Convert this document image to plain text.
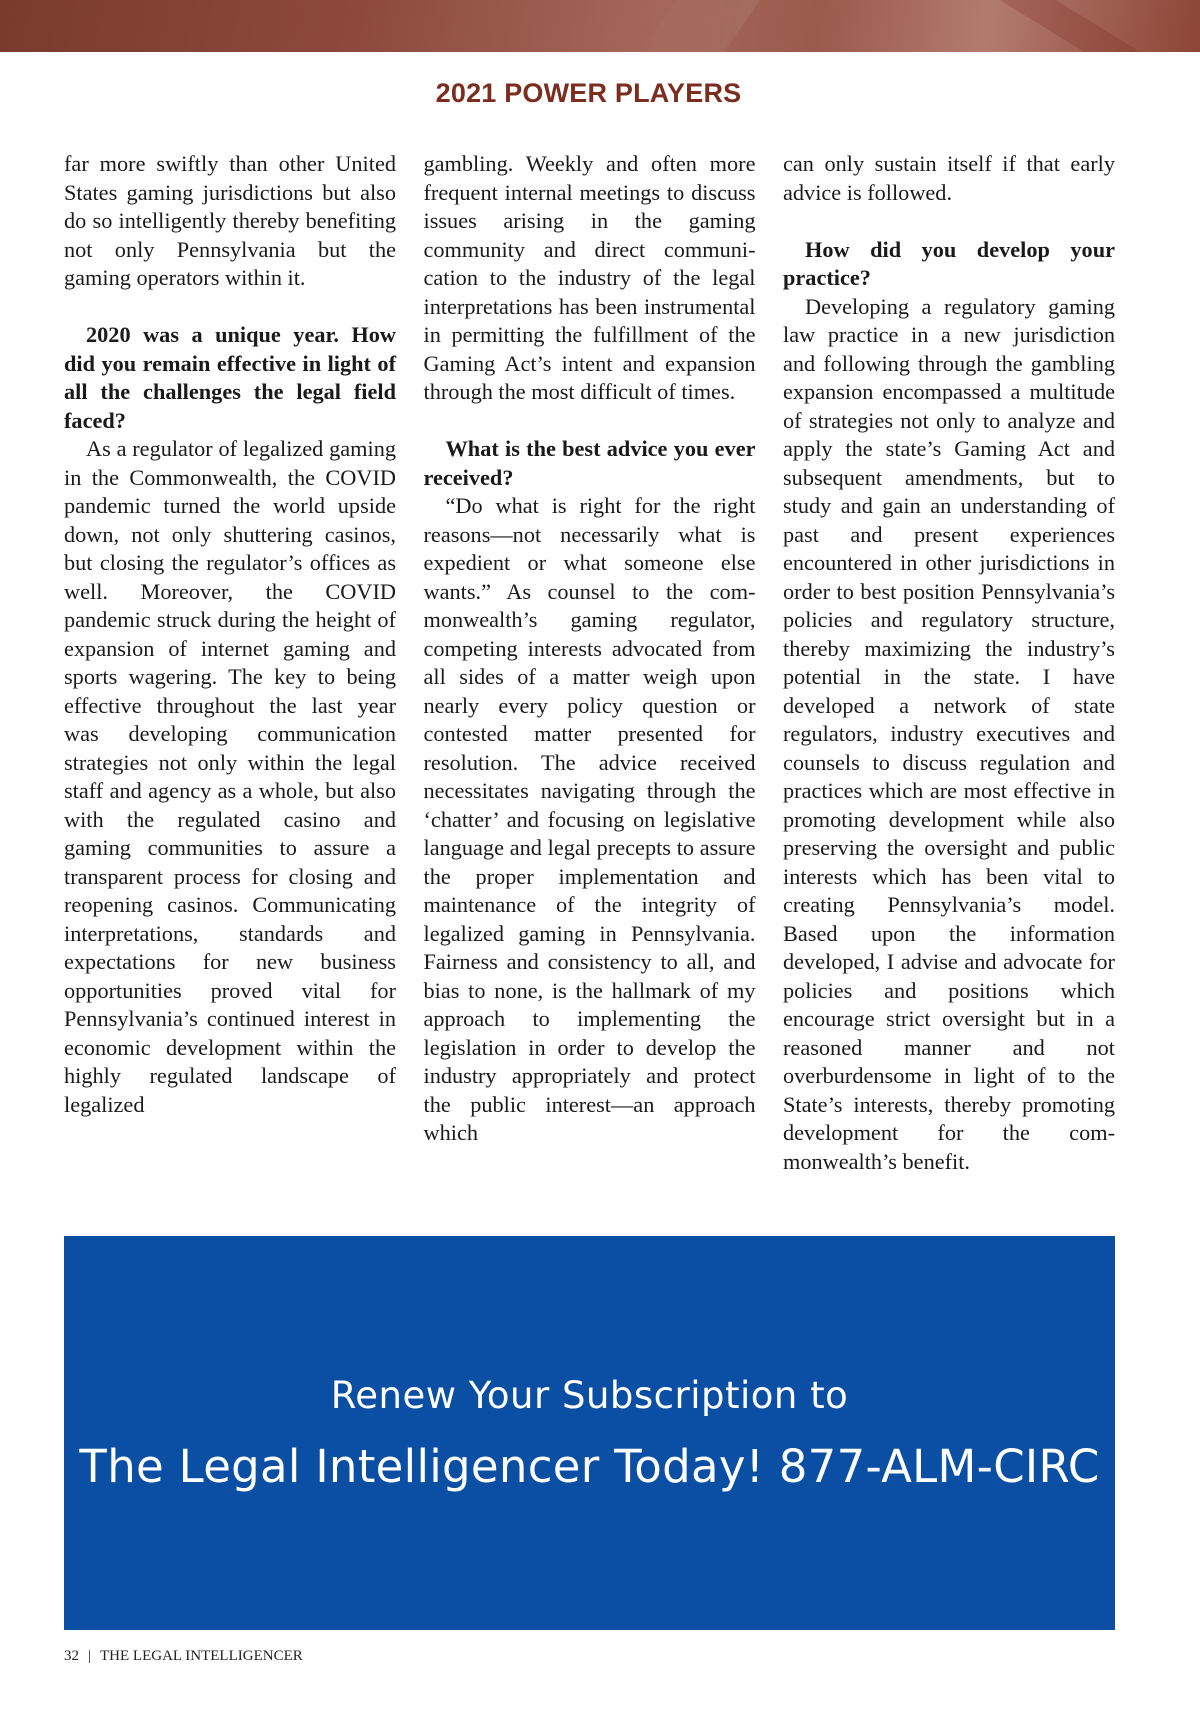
2021 POWER PLAYERS

far more swiftly than other United States gaming jurisdictions but also do so intelligently thereby benefiting not only Pennsylvania but the gaming operators within it.

2020 was a unique year. How did you remain effective in light of all the challenges the legal field faced?

As a regulator of legalized gaming in the Commonwealth, the COVID pandemic turned the world upside down, not only shuttering casinos, but closing the regulator’s offices as well. Moreover, the COVID pandemic struck during the height of expansion of internet gaming and sports wagering. The key to being effective throughout the last year was developing communication strategies not only within the legal staff and agency as a whole, but also with the regulated casino and gaming communities to assure a transparent process for closing and reopening casinos. Communicating interpretations, standards and expectations for new business opportunities proved vital for Pennsylvania’s continued interest in economic development within the highly regulated landscape of legalized

gambling. Weekly and often more frequent internal meetings to discuss issues arising in the gaming community and direct communication to the industry of the legal interpretations has been instrumental in permitting the fulfillment of the Gaming Act’s intent and expansion through the most difficult of times.

What is the best advice you ever received?

“Do what is right for the right reasons—not necessarily what is expedient or what someone else wants.” As counsel to the commonwealth’s gaming regulator, competing interests advocated from all sides of a matter weigh upon nearly every policy question or contested matter presented for resolution. The advice received necessitates navigating through the ‘chatter’ and focusing on legislative language and legal precepts to assure the proper implementation and maintenance of the integrity of legalized gaming in Pennsylvania. Fairness and consistency to all, and bias to none, is the hallmark of my approach to implementing the legislation in order to develop the industry appropriately and protect the public interest—an approach which

can only sustain itself if that early advice is followed.

How did you develop your practice?

Developing a regulatory gaming law practice in a new jurisdiction and following through the gambling expansion encompassed a multitude of strategies not only to analyze and apply the state’s Gaming Act and subsequent amendments, but to study and gain an understanding of past and present experiences encountered in other jurisdictions in order to best position Pennsylvania’s policies and regulatory structure, thereby maximizing the industry’s potential in the state. I have developed a network of state regulators, industry executives and counsels to discuss regulation and practices which are most effective in promoting development while also preserving the oversight and public interests which has been vital to creating Pennsylvania’s model. Based upon the information developed, I advise and advocate for policies and positions which encourage strict oversight but in a reasoned manner and not overburdensome in light of to the State’s interests, thereby promoting development for the commonwealth’s benefit.

Renew Your Subscription to
The Legal Intelligencer Today! 877-ALM-CIRC
32 | THE LEGAL INTELLIGENCER
